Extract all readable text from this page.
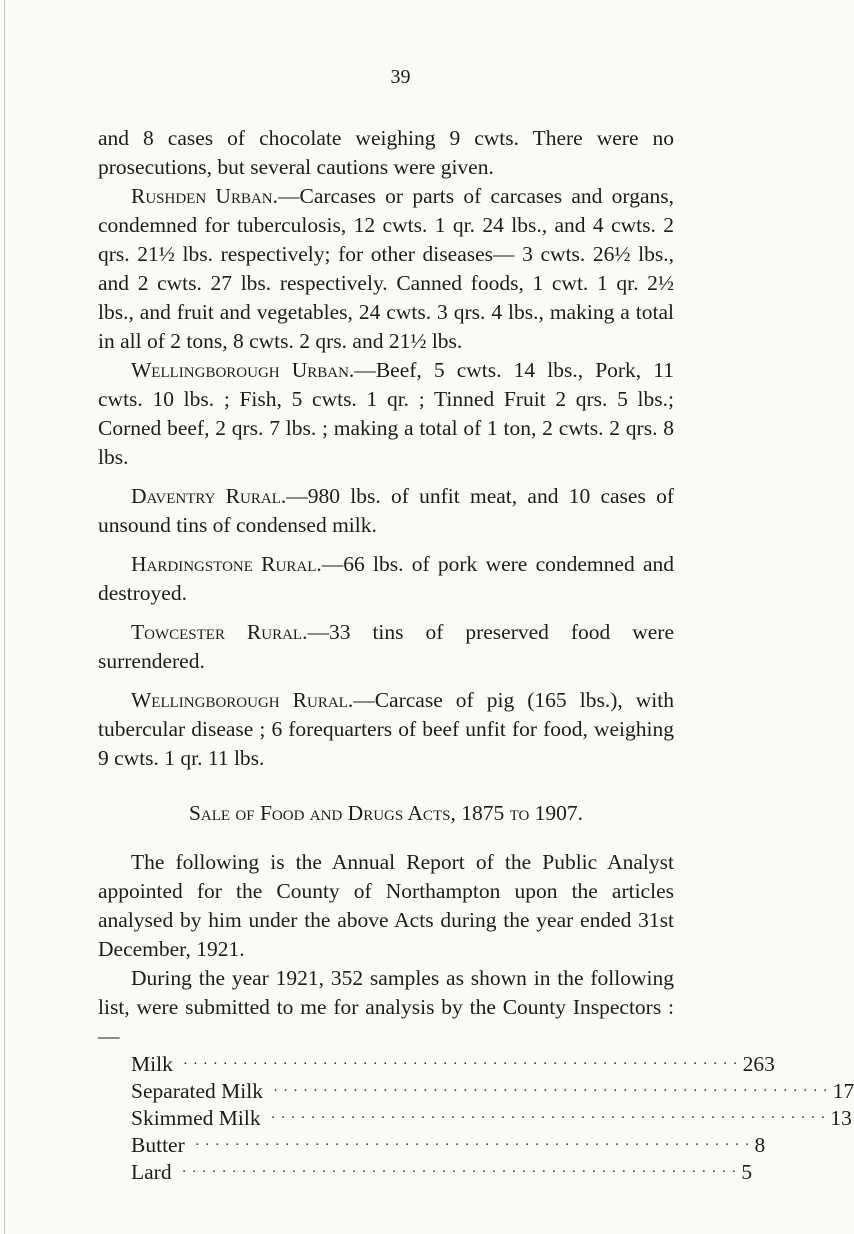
39

and 8 cases of chocolate weighing 9 cwts. There were no prosecutions, but several cautions were given.

Rushden Urban.—Carcases or parts of carcases and organs, condemned for tuberculosis, 12 cwts. 1 qr. 24 lbs., and 4 cwts. 2 qrs. 21½ lbs. respectively; for other diseases— 3 cwts. 26½ lbs., and 2 cwts. 27 lbs. respectively. Canned foods, 1 cwt. 1 qr. 2½ lbs., and fruit and vegetables, 24 cwts. 3 qrs. 4 lbs., making a total in all of 2 tons, 8 cwts. 2 qrs. and 21½ lbs.

Wellingborough Urban.—Beef, 5 cwts. 14 lbs., Pork, 11 cwts. 10 lbs. ; Fish, 5 cwts. 1 qr. ; Tinned Fruit 2 qrs. 5 lbs.; Corned beef, 2 qrs. 7 lbs. ; making a total of 1 ton, 2 cwts. 2 qrs. 8 lbs.

Daventry Rural.—980 lbs. of unfit meat, and 10 cases of unsound tins of condensed milk.

Hardingstone Rural.—66 lbs. of pork were condemned and destroyed.

Towcester Rural.—33 tins of preserved food were surrendered.

Wellingborough Rural.—Carcase of pig (165 lbs.), with tubercular disease ; 6 forequarters of beef unfit for food, weighing 9 cwts. 1 qr. 11 lbs.

Sale of Food and Drugs Acts, 1875 to 1907.

The following is the Annual Report of the Public Analyst appointed for the County of Northampton upon the articles analysed by him under the above Acts during the year ended 31st December, 1921.

During the year 1921, 352 samples as shown in the following list, were submitted to me for analysis by the County Inspectors :—

Milk ························································ 263
Separated Milk ························································ 17
Skimmed Milk ························································ 13
Butter ························································ 8
Lard ························································ 5
